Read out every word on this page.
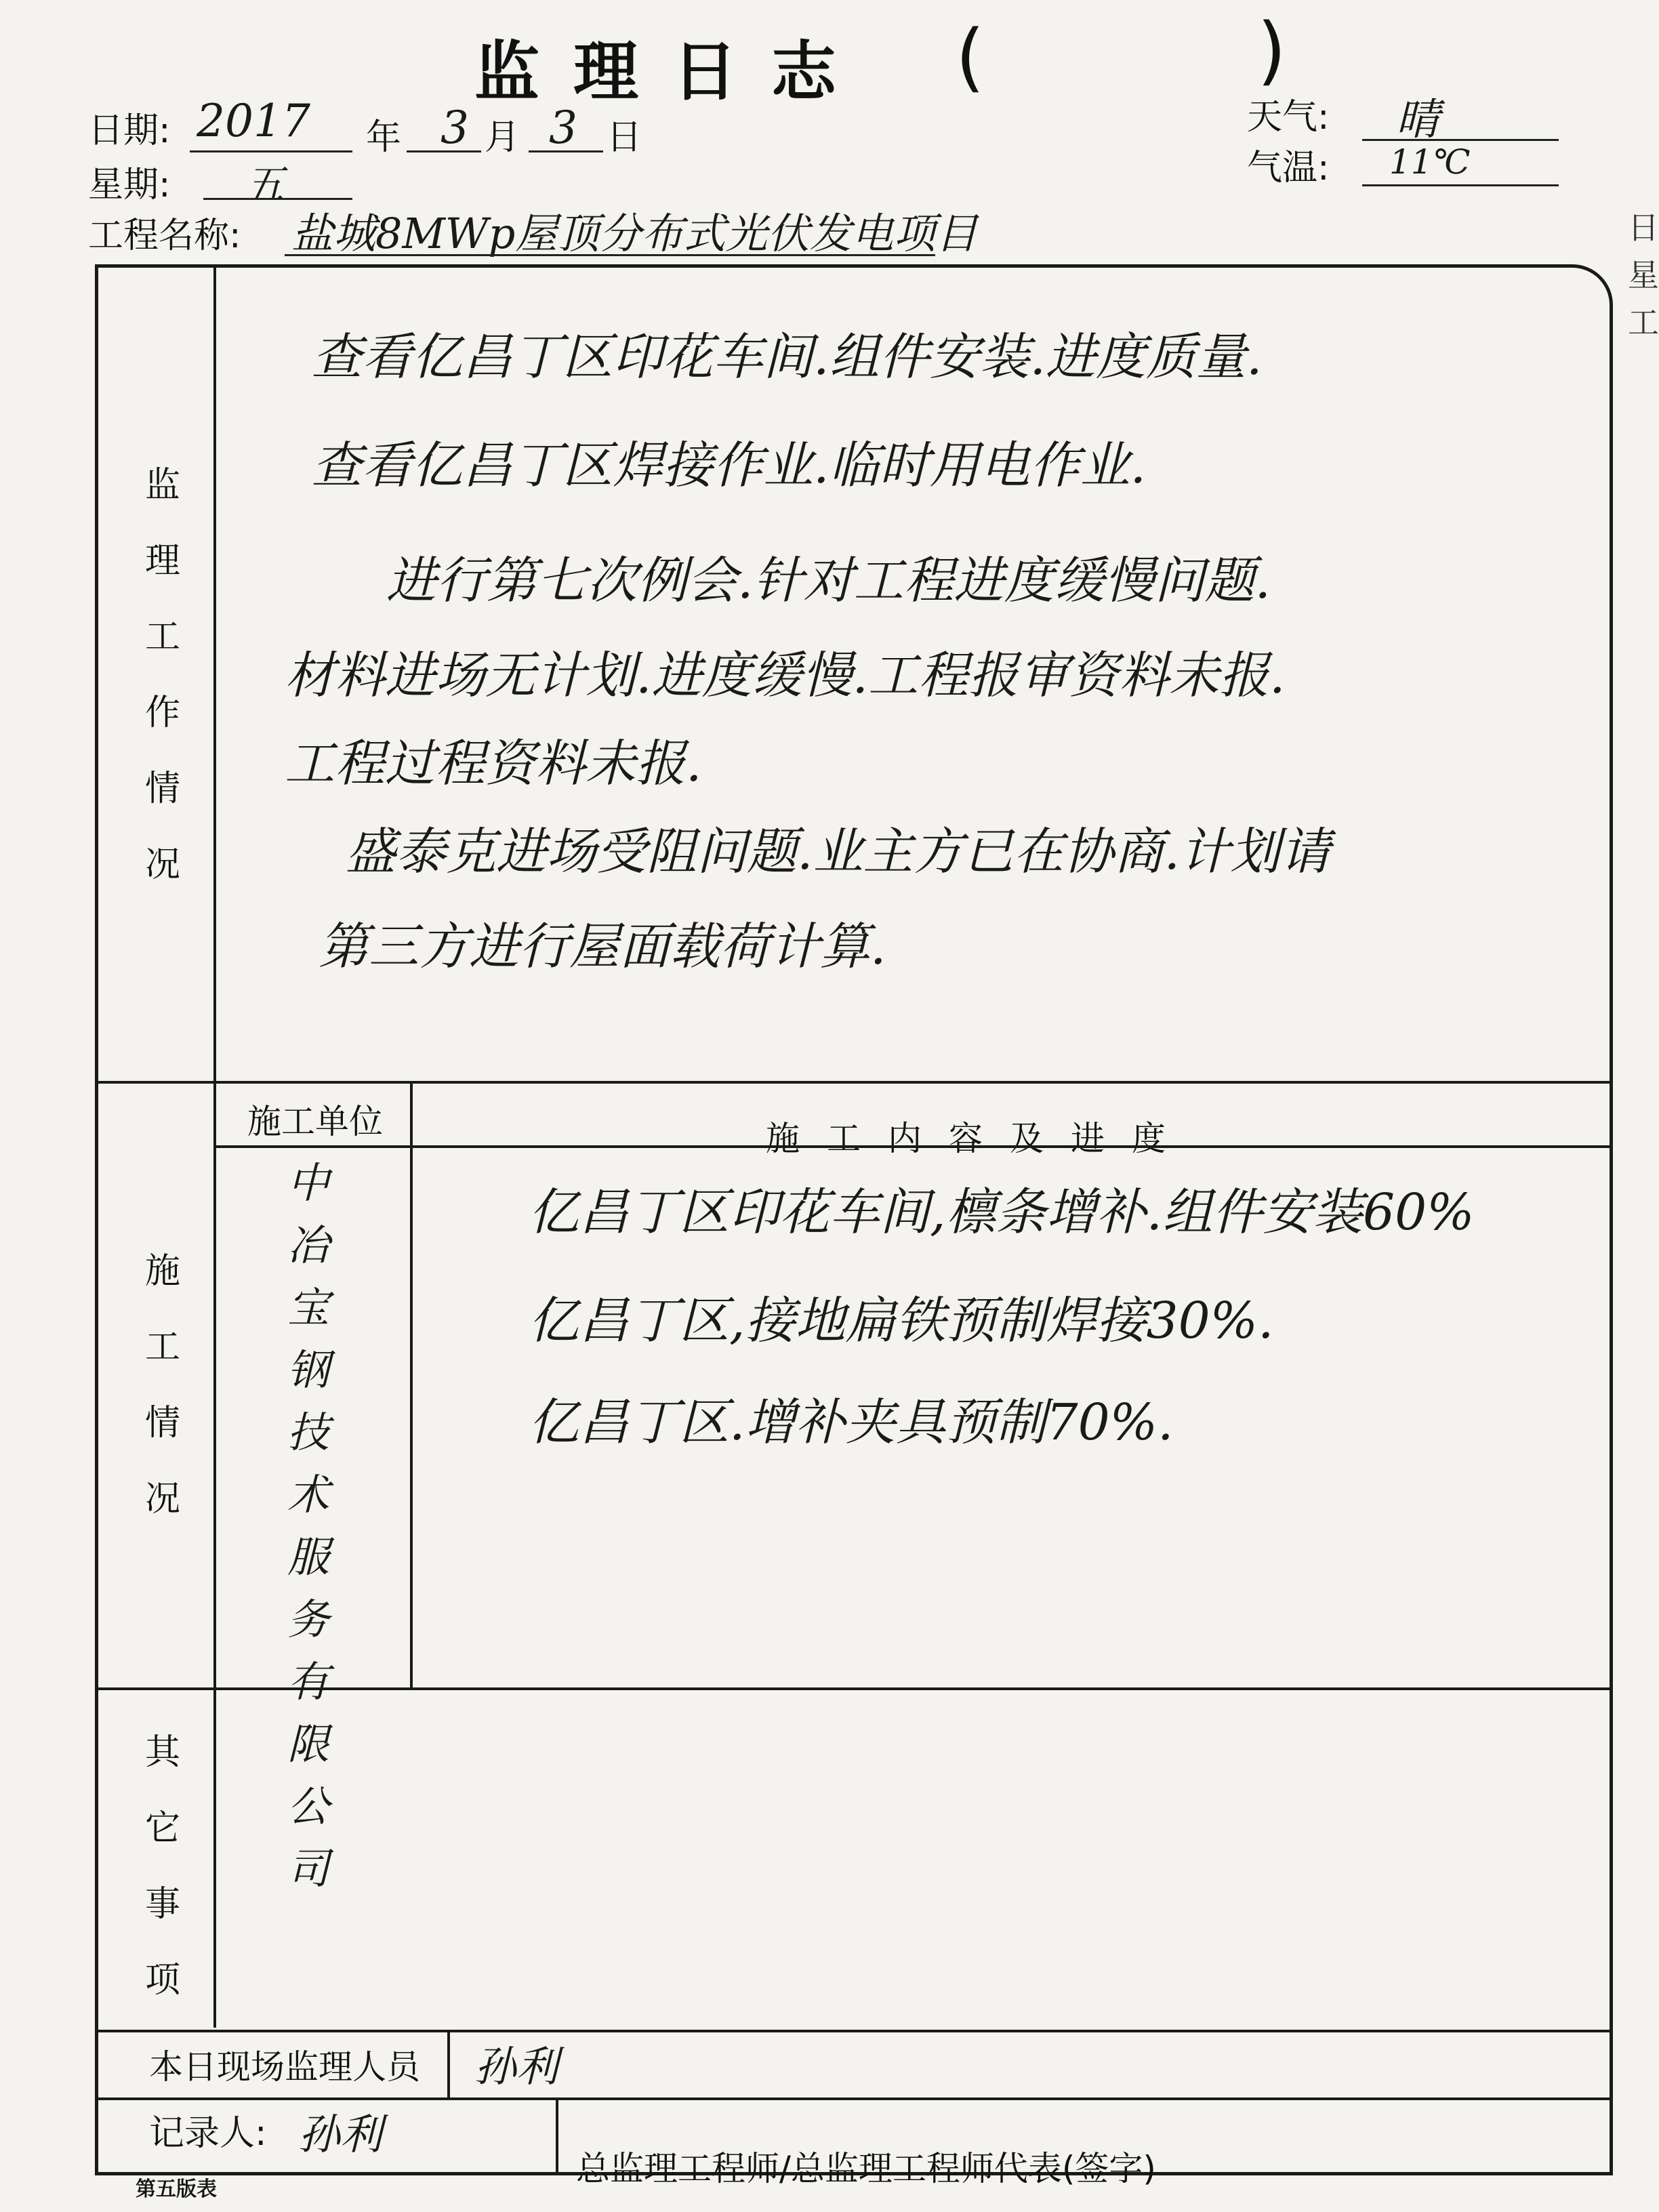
监理日志 (	)
日期: 2017 年 3 月 3 日
星期: 五
天气: 晴
气温: 11℃
工程名称: 盐城8MWp屋顶分布式光伏发电项目
监理工作情况
查看亿昌丁区印花车间.组件安装.进度质量.
查看亿昌丁区焊接作业.临时用电作业.
进行第七次例会.针对工程进度缓慢问题.
材料进场无计划.进度缓慢.工程报审资料未报.
工程过程资料未报.
盛泰克进场受阻问题.业主方已在协商.计划请
第三方进行屋面载荷计算.
施工情况
施工单位	施工内容及进度
中冶宝钢技术服务有限公司
亿昌丁区印花车间,檩条增补.组件安装60%
亿昌丁区,接地扁铁预制焊接30%.
亿昌丁区.增补夹具预制70%.
其它事项
本日现场监理人员 孙利
记录人: 孙利
总监理工程师/总监理工程师代表(签字)
第五版表
日
星
工
